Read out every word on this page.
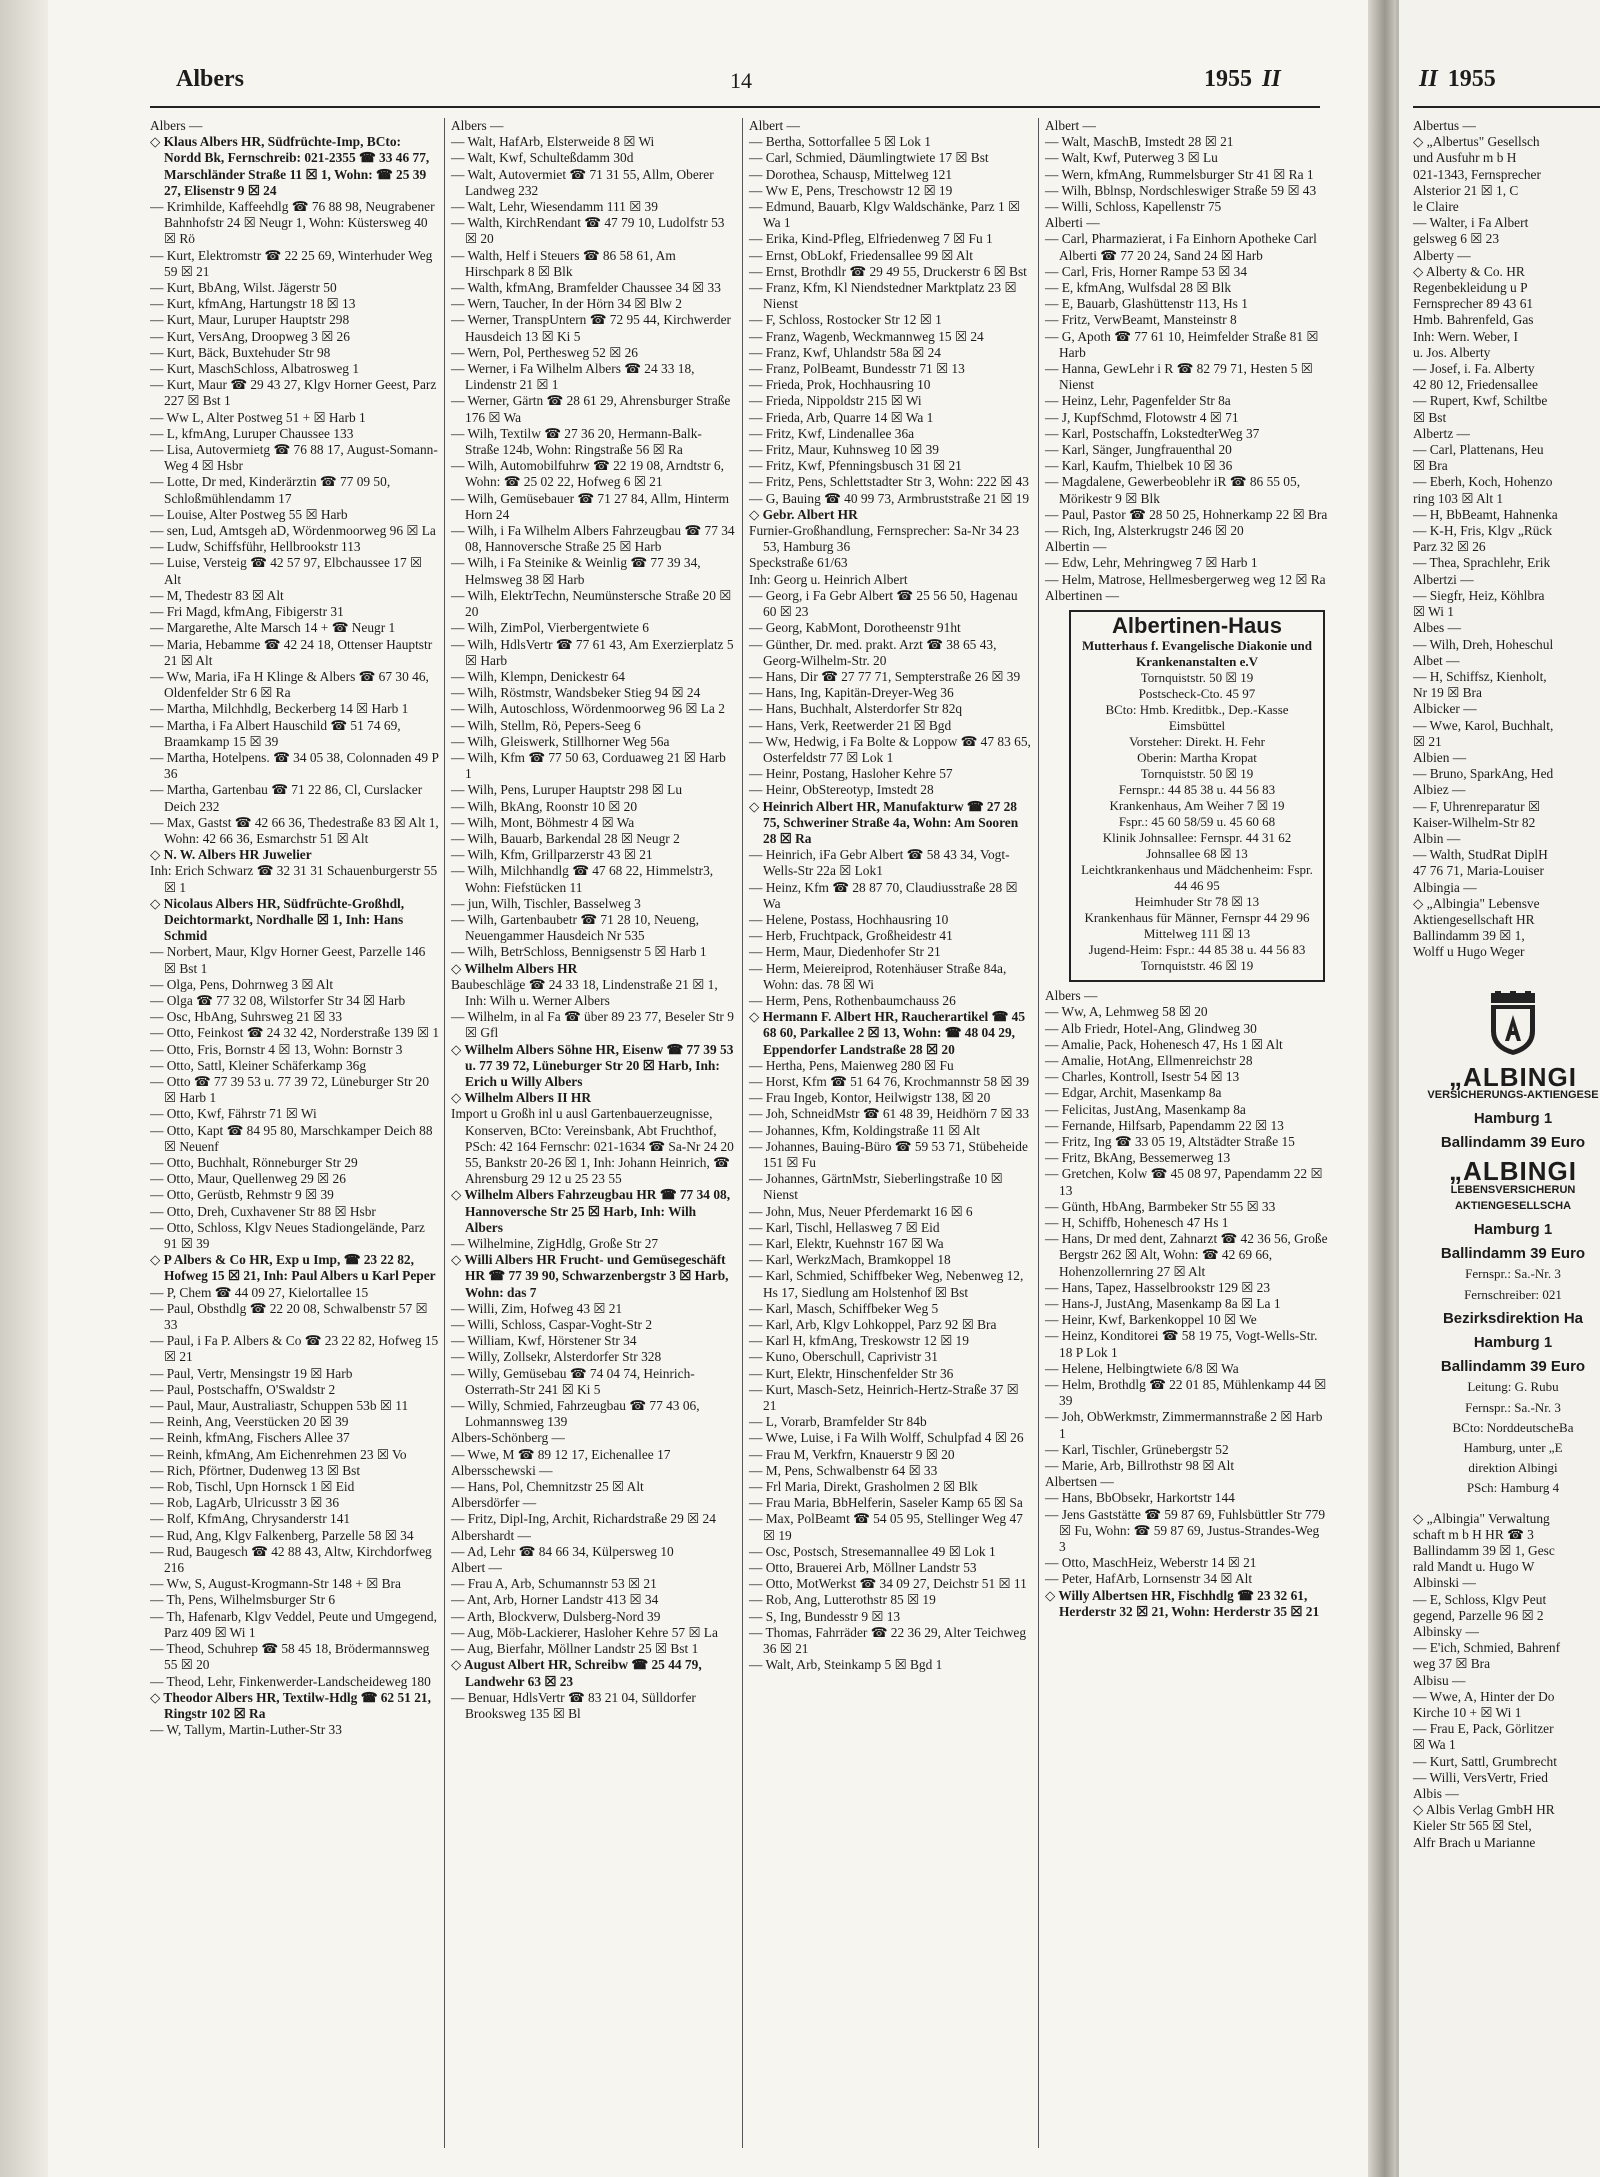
Albers	14	1955 II

Albers —

◇ Klaus Albers HR, Südfrüchte-Imp, BCto: Nordd Bk, Fernschreib: 021-2355 ☎ 33 46 77, Marschländer Straße 11 ☒ 1, Wohn: ☎ 25 39 27, Elisenstr 9 ☒ 24

— Krimhilde, Kaffeehdlg ☎ 76 88 98, Neugrabener Bahnhofstr 24 ☒ Neugr 1, Wohn: Küstersweg 40 ☒ Rö

— Kurt, Elektromstr ☎ 22 25 69, Winterhuder Weg 59 ☒ 21

— Kurt, BbAng, Wilst. Jägerstr 50

— Kurt, kfmAng, Hartungstr 18 ☒ 13

— Kurt, Maur, Luruper Hauptstr 298

— Kurt, VersAng, Droopweg 3 ☒ 26

— Kurt, Bäck, Buxtehuder Str 98

— Kurt, MaschSchloss, Albatrosweg 1

— Kurt, Maur ☎ 29 43 27, Klgv Horner Geest, Parz 227 ☒ Bst 1

— Ww L, Alter Postweg 51 + ☒ Harb 1

— L, kfmAng, Luruper Chaussee 133

— Lisa, Autovermietg ☎ 76 88 17, August-Somann-Weg 4 ☒ Hsbr

— Lotte, Dr med, Kinderärztin ☎ 77 09 50, Schloßmühlendamm 17

— Louise, Alter Postweg 55 ☒ Harb

— sen, Lud, Amtsgeh aD, Wördenmoorweg 96 ☒ La

— Ludw, Schiffsführ, Hellbrookstr 113

— Luise, Versteig ☎ 42 57 97, Elbchaussee 17 ☒ Alt

— M, Thedestr 83 ☒ Alt

— Fri Magd, kfmAng, Fibigerstr 31

— Margarethe, Alte Marsch 14 + ☎ Neugr 1

— Maria, Hebamme ☎ 42 24 18, Ottenser Hauptstr 21 ☒ Alt

— Ww, Maria, iFa H Klinge & Albers ☎ 67 30 46, Oldenfelder Str 6 ☒ Ra

— Martha, Milchhdlg, Beckerberg 14 ☒ Harb 1

— Martha, i Fa Albert Hauschild ☎ 51 74 69, Braamkamp 15 ☒ 39

— Martha, Hotelpens. ☎ 34 05 38, Colonnaden 49 P 36

— Martha, Gartenbau ☎ 71 22 86, Cl, Curslacker Deich 232

— Max, Gastst ☎ 42 66 36, Thedestraße 83 ☒ Alt 1, Wohn: 42 66 36, Esmarchstr 51 ☒ Alt

◇ N. W. Albers HR Juwelier

Inh: Erich Schwarz ☎ 32 31 31 Schauenburgerstr 55 ☒ 1

◇ Nicolaus Albers HR, Südfrüchte-Großhdl, Deichtormarkt, Nordhalle ☒ 1, Inh: Hans Schmid

— Norbert, Maur, Klgv Horner Geest, Parzelle 146 ☒ Bst 1

— Olga, Pens, Dohrnweg 3 ☒ Alt

— Olga ☎ 77 32 08, Wilstorfer Str 34 ☒ Harb

— Osc, HbAng, Suhrsweg 21 ☒ 33

— Otto, Feinkost ☎ 24 32 42, Norderstraße 139 ☒ 1

— Otto, Fris, Bornstr 4 ☒ 13, Wohn: Bornstr 3

— Otto, Sattl, Kleiner Schäferkamp 36g

— Otto ☎ 77 39 53 u. 77 39 72, Lüneburger Str 20 ☒ Harb 1

— Otto, Kwf, Fährstr 71 ☒ Wi

— Otto, Kapt ☎ 84 95 80, Marschkamper Deich 88 ☒ Neuenf

— Otto, Buchhalt, Rönneburger Str 29

— Otto, Maur, Quellenweg 29 ☒ 26

— Otto, Gerüstb, Rehmstr 9 ☒ 39

— Otto, Dreh, Cuxhavener Str 88 ☒ Hsbr

— Otto, Schloss, Klgv Neues Stadiongelände, Parz 91 ☒ 39

◇ P Albers & Co HR, Exp u Imp, ☎ 23 22 82, Hofweg 15 ☒ 21, Inh: Paul Albers u Karl Peper

— P, Chem ☎ 44 09 27, Kielortallee 15

— Paul, Obsthdlg ☎ 22 20 08, Schwalbenstr 57 ☒ 33

— Paul, i Fa P. Albers & Co ☎ 23 22 82, Hofweg 15 ☒ 21

— Paul, Vertr, Mensingstr 19 ☒ Harb

— Paul, Postschaffn, O'Swaldstr 2

— Paul, Maur, Australiastr, Schuppen 53b ☒ 11

— Reinh, Ang, Veerstücken 20 ☒ 39

— Reinh, kfmAng, Fischers Allee 37

— Reinh, kfmAng, Am Eichenrehmen 23 ☒ Vo

— Rich, Pförtner, Dudenweg 13 ☒ Bst

— Rob, Tischl, Upn Hornsck 1 ☒ Eid

— Rob, LagArb, Ulricusstr 3 ☒ 36

— Rolf, KfmAng, Chrysanderstr 141

— Rud, Ang, Klgv Falkenberg, Parzelle 58 ☒ 34

— Rud, Baugesch ☎ 42 88 43, Altw, Kirchdorfweg 216

— Ww, S, August-Krogmann-Str 148 + ☒ Bra

— Th, Pens, Wilhelmsburger Str 6

— Th, Hafenarb, Klgv Veddel, Peute und Umgegend, Parz 409 ☒ Wi 1

— Theod, Schuhrep ☎ 58 45 18, Brödermannsweg 55 ☒ 20

— Theod, Lehr, Finkenwerder-Landscheideweg 180

◇ Theodor Albers HR, Textilw-Hdlg ☎ 62 51 21, Ringstr 102 ☒ Ra

— W, Tallym, Martin-Luther-Str 33

Albers —

— Walt, HafArb, Elsterweide 8 ☒ Wi

— Walt, Kwf, Schulteßdamm 30d

— Walt, Autovermiet ☎ 71 31 55, Allm, Oberer Landweg 232

— Walt, Lehr, Wiesendamm 111 ☒ 39

— Walth, KirchRendant ☎ 47 79 10, Ludolfstr 53 ☒ 20

— Walth, Helf i Steuers ☎ 86 58 61, Am Hirschpark 8 ☒ Blk

— Walth, kfmAng, Bramfelder Chaussee 34 ☒ 33

— Wern, Taucher, In der Hörn 34 ☒ Blw 2

— Werner, TranspUntern ☎ 72 95 44, Kirchwerder Hausdeich 13 ☒ Ki 5

— Wern, Pol, Perthesweg 52 ☒ 26

— Werner, i Fa Wilhelm Albers ☎ 24 33 18, Lindenstr 21 ☒ 1

— Werner, Gärtn ☎ 28 61 29, Ahrensburger Straße 176 ☒ Wa

— Wilh, Textilw ☎ 27 36 20, Hermann-Balk-Straße 124b, Wohn: Ringstraße 56 ☒ Ra

— Wilh, Automobilfuhrw ☎ 22 19 08, Arndtstr 6, Wohn: ☎ 25 02 22, Hofweg 6 ☒ 21

— Wilh, Gemüsebauer ☎ 71 27 84, Allm, Hinterm Horn 24

— Wilh, i Fa Wilhelm Albers Fahrzeugbau ☎ 77 34 08, Hannoversche Straße 25 ☒ Harb

— Wilh, i Fa Steinike & Weinlig ☎ 77 39 34, Helmsweg 38 ☒ Harb

— Wilh, ElektrTechn, Neumünstersche Straße 20 ☒ 20

— Wilh, ZimPol, Vierbergentwiete 6

— Wilh, HdlsVertr ☎ 77 61 43, Am Exerzierplatz 5 ☒ Harb

— Wilh, Klempn, Denickestr 64

— Wilh, Röstmstr, Wandsbeker Stieg 94 ☒ 24

— Wilh, Autoschloss, Wördenmoorweg 96 ☒ La 2

— Wilh, Stellm, Rö, Pepers-Seeg 6

— Wilh, Gleiswerk, Stillhorner Weg 56a

— Wilh, Kfm ☎ 77 50 63, Corduaweg 21 ☒ Harb 1

— Wilh, Pens, Luruper Hauptstr 298 ☒ Lu

— Wilh, BkAng, Roonstr 10 ☒ 20

— Wilh, Mont, Böhmestr 4 ☒ Wa

— Wilh, Bauarb, Barkendal 28 ☒ Neugr 2

— Wilh, Kfm, Grillparzerstr 43 ☒ 21

— Wilh, Milchhandlg ☎ 47 68 22, Himmelstr3, Wohn: Fiefstücken 11

— jun, Wilh, Tischler, Basselweg 3

— Wilh, Gartenbaubetr ☎ 71 28 10, Neueng, Neuengammer Hausdeich Nr 535

— Wilh, BetrSchloss, Bennigsenstr 5 ☒ Harb 1

◇ Wilhelm Albers HR

Baubeschläge ☎ 24 33 18, Lindenstraße 21 ☒ 1, Inh: Wilh u. Werner Albers

— Wilhelm, in al Fa ☎ über 89 23 77, Beseler Str 9 ☒ Gfl

◇ Wilhelm Albers Söhne HR, Eisenw ☎ 77 39 53 u. 77 39 72, Lüneburger Str 20 ☒ Harb, Inh: Erich u Willy Albers

◇ Wilhelm Albers II HR

Import u Großh inl u ausl Gartenbauerzeugnisse, Konserven, BCto: Vereinsbank, Abt Fruchthof, PSch: 42 164 Fernschr: 021-1634 ☎ Sa-Nr 24 20 55, Bankstr 20-26 ☒ 1, Inh: Johann Heinrich, ☎ Ahrensburg 29 12 u 25 23 55

◇ Wilhelm Albers Fahrzeugbau HR ☎ 77 34 08, Hannoversche Str 25 ☒ Harb, Inh: Wilh Albers

— Wilhelmine, ZigHdlg, Große Str 27

◇ Willi Albers HR Frucht- und Gemüsegeschäft HR ☎ 77 39 90, Schwarzenbergstr 3 ☒ Harb, Wohn: das 7

— Willi, Zim, Hofweg 43 ☒ 21

— Willi, Schloss, Caspar-Voght-Str 2

— William, Kwf, Hörstener Str 34

— Willy, Zollsekr, Alsterdorfer Str 328

— Willy, Gemüsebau ☎ 74 04 74, Heinrich-Osterrath-Str 241 ☒ Ki 5

— Willy, Schmied, Fahrzeugbau ☎ 77 43 06, Lohmannsweg 139

Albers-Schönberg —

— Wwe, M ☎ 89 12 17, Eichenallee 17

Albersschewski —

— Hans, Pol, Chemnitzstr 25 ☒ Alt

Albersdörfer —

— Fritz, Dipl-Ing, Archit, Richardstraße 29 ☒ 24

Albershardt —

— Ad, Lehr ☎ 84 66 34, Külpersweg 10

Albert —

— Frau A, Arb, Schumannstr 53 ☒ 21

— Ant, Arb, Horner Landstr 413 ☒ 34

— Arth, Blockverw, Dulsberg-Nord 39

— Aug, Möb-Lackierer, Hasloher Kehre 57 ☒ La

— Aug, Bierfahr, Möllner Landstr 25 ☒ Bst 1

◇ August Albert HR, Schreibw ☎ 25 44 79, Landwehr 63 ☒ 23

— Benuar, HdlsVertr ☎ 83 21 04, Sülldorfer Brooksweg 135 ☒ Bl

Albert —

— Bertha, Sottorfallee 5 ☒ Lok 1

— Carl, Schmied, Däumlingtwiete 17 ☒ Bst

— Dorothea, Schausp, Mittelweg 121

— Ww E, Pens, Treschowstr 12 ☒ 19

— Edmund, Bauarb, Klgv Waldschänke, Parz 1 ☒ Wa 1

— Erika, Kind-Pfleg, Elfriedenweg 7 ☒ Fu 1

— Ernst, ObLokf, Friedensallee 99 ☒ Alt

— Ernst, Brothdlr ☎ 29 49 55, Druckerstr 6 ☒ Bst

— Franz, Kfm, Kl Niendstedner Marktplatz 23 ☒ Nienst

— F, Schloss, Rostocker Str 12 ☒ 1

— Franz, Wagenb, Weckmannweg 15 ☒ 24

— Franz, Kwf, Uhlandstr 58a ☒ 24

— Franz, PolBeamt, Bundesstr 71 ☒ 13

— Frieda, Prok, Hochhausring 10

— Frieda, Nippoldstr 215 ☒ Wi

— Frieda, Arb, Quarre 14 ☒ Wa 1

— Fritz, Kwf, Lindenallee 36a

— Fritz, Maur, Kuhnsweg 10 ☒ 39

— Fritz, Kwf, Pfenningsbusch 31 ☒ 21

— Fritz, Pens, Schlettstadter Str 3, Wohn: 222 ☒ 43

— G, Bauing ☎ 40 99 73, Armbruststraße 21 ☒ 19

◇ Gebr. Albert HR

Furnier-Großhandlung, Fernsprecher: Sa-Nr 34 23 53, Hamburg 36

Speckstraße 61/63

Inh: Georg u. Heinrich Albert

— Georg, i Fa Gebr Albert ☎ 25 56 50, Hagenau 60 ☒ 23

— Georg, KabMont, Dorotheenstr 91ht

— Günther, Dr. med. prakt. Arzt ☎ 38 65 43, Georg-Wilhelm-Str. 20

— Hans, Dir ☎ 27 77 71, Sempterstraße 26 ☒ 39

— Hans, Ing, Kapitän-Dreyer-Weg 36

— Hans, Buchhalt, Alsterdorfer Str 82q

— Hans, Verk, Reetwerder 21 ☒ Bgd

— Ww, Hedwig, i Fa Bolte & Loppow ☎ 47 83 65, Osterfeldstr 77 ☒ Lok 1

— Heinr, Postang, Hasloher Kehre 57

— Heinr, ObStereotyp, Imstedt 28

◇ Heinrich Albert HR, Manufakturw ☎ 27 28 75, Schweriner Straße 4a, Wohn: Am Sooren 28 ☒ Ra

— Heinrich, iFa Gebr Albert ☎ 58 43 34, Vogt-Wells-Str 22a ☒ Lok1

— Heinz, Kfm ☎ 28 87 70, Claudiusstraße 28 ☒ Wa

— Helene, Postass, Hochhausring 10

— Herb, Fruchtpack, Großheidestr 41

— Herm, Maur, Diedenhofer Str 21

— Herm, Meiereiprod, Rotenhäuser Straße 84a, Wohn: das. 78 ☒ Wi

— Herm, Pens, Rothenbaumchauss 26

◇ Hermann F. Albert HR, Raucherartikel ☎ 45 68 60, Parkallee 2 ☒ 13, Wohn: ☎ 48 04 29, Eppendorfer Landstraße 28 ☒ 20

— Hertha, Pens, Maienweg 280 ☒ Fu

— Horst, Kfm ☎ 51 64 76, Krochmannstr 58 ☒ 39

— Frau Ingeb, Kontor, Heilwigstr 138, ☒ 20

— Joh, SchneidMstr ☎ 61 48 39, Heidhörn 7 ☒ 33

— Johannes, Kfm, Koldingstraße 11 ☒ Alt

— Johannes, Bauing-Büro ☎ 59 53 71, Stübeheide 151 ☒ Fu

— Johannes, GärtnMstr, Sieberlingstraße 10 ☒ Nienst

— John, Mus, Neuer Pferdemarkt 16 ☒ 6

— Karl, Tischl, Hellasweg 7 ☒ Eid

— Karl, Elektr, Kuehnstr 167 ☒ Wa

— Karl, WerkzMach, Bramkoppel 18

— Karl, Schmied, Schiffbeker Weg, Nebenweg 12, Hs 17, Siedlung am Holstenhof ☒ Bst

— Karl, Masch, Schiffbeker Weg 5

— Karl, Arb, Klgv Lohkoppel, Parz 92 ☒ Bra

— Karl H, kfmAng, Treskowstr 12 ☒ 19

— Kuno, Oberschull, Caprivistr 31

— Kurt, Elektr, Hinschenfelder Str 36

— Kurt, Masch-Setz, Heinrich-Hertz-Straße 37 ☒ 21

— L, Vorarb, Bramfelder Str 84b

— Wwe, Luise, i Fa Wilh Wolff, Schulpfad 4 ☒ 26

— Frau M, Verkfrn, Knauerstr 9 ☒ 20

— M, Pens, Schwalbenstr 64 ☒ 33

— Frl Maria, Direkt, Grasholmen 2 ☒ Blk

— Frau Maria, BbHelferin, Saseler Kamp 65 ☒ Sa

— Max, PolBeamt ☎ 54 05 95, Stellinger Weg 47 ☒ 19

— Osc, Postsch, Stresemannallee 49 ☒ Lok 1

— Otto, Brauerei Arb, Möllner Landstr 53

— Otto, MotWerkst ☎ 34 09 27, Deichstr 51 ☒ 11

— Rob, Ang, Lutterothstr 85 ☒ 19

— S, Ing, Bundesstr 9 ☒ 13

— Thomas, Fahrräder ☎ 22 36 29, Alter Teichweg 36 ☒ 21

— Walt, Arb, Steinkamp 5 ☒ Bgd 1

Albert —

— Walt, MaschB, Imstedt 28 ☒ 21

— Walt, Kwf, Puterweg 3 ☒ Lu

— Wern, kfmAng, Rummelsburger Str 41 ☒ Ra 1

— Wilh, Bblnsp, Nordschleswiger Straße 59 ☒ 43

— Willi, Schloss, Kapellenstr 75

Alberti —

— Carl, Pharmazierat, i Fa Einhorn Apotheke Carl Alberti ☎ 77 20 24, Sand 24 ☒ Harb

— Carl, Fris, Horner Rampe 53 ☒ 34

— E, kfmAng, Wulfsdal 28 ☒ Blk

— E, Bauarb, Glashüttenstr 113, Hs 1

— Fritz, VerwBeamt, Mansteinstr 8

— G, Apoth ☎ 77 61 10, Heimfelder Straße 81 ☒ Harb

— Hanna, GewLehr i R ☎ 82 79 71, Hesten 5 ☒ Nienst

— Heinz, Lehr, Pagenfelder Str 8a

— J, KupfSchmd, Flotowstr 4 ☒ 71

— Karl, Postschaffn, LokstedterWeg 37

— Karl, Sänger, Jungfrauenthal 20

— Karl, Kaufm, Thielbek 10 ☒ 36

— Magdalene, Gewerbeoblehr iR ☎ 86 55 05, Mörikestr 9 ☒ Blk

— Paul, Pastor ☎ 28 50 25, Hohnerkamp 22 ☒ Bra

— Rich, Ing, Alsterkrugstr 246 ☒ 20

Albertin —

— Edw, Lehr, Mehringweg 7 ☒ Harb 1

— Helm, Matrose, Hellmesbergerweg weg 12 ☒ Ra

Albertinen —

Albertinen-Haus
Mutterhaus f. Evangelische Diakonie und Krankenanstalten e.V
Tornquiststr. 50 ☒ 19
Postscheck-Cto. 45 97
BCto: Hmb. Kreditbk., Dep.-Kasse Eimsbüttel
Vorsteher: Direkt. H. Fehr
Oberin: Martha Kropat
Tornquiststr. 50 ☒ 19
Fernspr.: 44 85 38 u. 44 56 83
Krankenhaus, Am Weiher 7 ☒ 19
Fspr.: 45 60 58/59 u. 45 60 68
Klinik Johnsallee: Fernspr. 44 31 62
Johnsallee 68 ☒ 13
Leichtkrankenhaus und Mädchenheim: Fspr. 44 46 95
Heimhuder Str 78 ☒ 13
Krankenhaus für Männer, Fernspr 44 29 96
Mittelweg 111 ☒ 13
Jugend-Heim: Fspr.: 44 85 38 u. 44 56 83
Tornquiststr. 46 ☒ 19

Albers —

— Ww, A, Lehmweg 58 ☒ 20

— Alb Friedr, Hotel-Ang, Glindweg 30

— Amalie, Pack, Hohenesch 47, Hs 1 ☒ Alt

— Amalie, HotAng, Ellmenreichstr 28

— Charles, Kontroll, Isestr 54 ☒ 13

— Edgar, Archit, Masenkamp 8a

— Felicitas, JustAng, Masenkamp 8a

— Fernande, Hilfsarb, Papendamm 22 ☒ 13

— Fritz, Ing ☎ 33 05 19, Altstädter Straße 15

— Fritz, BkAng, Bessemerweg 13

— Gretchen, Kolw ☎ 45 08 97, Papendamm 22 ☒ 13

— Günth, HbAng, Barmbeker Str 55 ☒ 33

— H, Schiffb, Hohenesch 47 Hs 1

— Hans, Dr med dent, Zahnarzt ☎ 42 36 56, Große Bergstr 262 ☒ Alt, Wohn: ☎ 42 69 66, Hohenzollernring 27 ☒ Alt

— Hans, Tapez, Hasselbrookstr 129 ☒ 23

— Hans-J, JustAng, Masenkamp 8a ☒ La 1

— Heinr, Kwf, Barkenkoppel 10 ☒ We

— Heinz, Konditorei ☎ 58 19 75, Vogt-Wells-Str. 18 P Lok 1

— Helene, Helbingtwiete 6/8 ☒ Wa

— Helm, Brothdlg ☎ 22 01 85, Mühlenkamp 44 ☒ 39

— Joh, ObWerkmstr, Zimmermannstraße 2 ☒ Harb 1

— Karl, Tischler, Grünebergstr 52

— Marie, Arb, Billrothstr 98 ☒ Alt

Albertsen —

— Hans, BbObsekr, Harkortstr 144

— Jens Gaststätte ☎ 59 87 69, Fuhlsbüttler Str 779 ☒ Fu, Wohn: ☎ 59 87 69, Justus-Strandes-Weg 3

— Otto, MaschHeiz, Weberstr 14 ☒ 21

— Peter, HafArb, Lornsenstr 34 ☒ Alt

◇ Willy Albertsen HR, Fischhdlg ☎ 23 32 61, Herderstr 32 ☒ 21, Wohn: Herderstr 35 ☒ 21

II 1955

Albertus —

◇ „Albertus" Gesellsch

und Ausfuhr m b H

021-1343, Fernsprecher

Alsterior 21 ☒ 1, C

le Claire

— Walter, i Fa Albert

gelsweg 6 ☒ 23

Alberty —

◇ Alberty & Co. HR

Regenbekleidung u P

Fernsprecher 89 43 61

Hmb. Bahrenfeld, Gas

Inh: Wern. Weber, I

u. Jos. Alberty

— Josef, i. Fa. Alberty

42 80 12, Friedensallee

— Rupert, Kwf, Schiltbe

☒ Bst

Albertz —

— Carl, Plattenans, Heu

☒ Bra

— Eberh, Koch, Hohenzo

ring 103 ☒ Alt 1

— H, BbBeamt, Hahnenka

— K-H, Fris, Klgv „Rück

Parz 32 ☒ 26

— Thea, Sprachlehr, Erik

Albertzi —

— Siegfr, Heiz, Köhlbra

☒ Wi 1

Albes —

— Wilh, Dreh, Hoheschul

Albet —

— H, Schiffsz, Kienholt,

Nr 19 ☒ Bra

Albicker —

— Wwe, Karol, Buchhalt,

☒ 21

Albien —

— Bruno, SparkAng, Hed

Albiez —

— F, Uhrenreparatur ☒

Kaiser-Wilhelm-Str 82

Albin —

— Walth, StudRat DiplH

47 76 71, Maria-Louiser

Albingia —

◇ „Albingia" Lebensve

Aktiengesellschaft HR

Ballindamm 39 ☒ 1,

Wolff u Hugo Weger

„ALBINGI
VERSICHERUNGS-AKTIENGESE
Hamburg 1
Ballindamm 39 Euro
„ALBINGI
LEBENSVERSICHERUN AKTIENGESELLSCHA
Hamburg 1
Ballindamm 39 Euro
Fernspr.: Sa.-Nr. 3
Fernschreiber: 021
Bezirksdirektion Ha
Hamburg 1
Ballindamm 39 Euro
Leitung: G. Rubu
Fernspr.: Sa.-Nr. 3
BCto: NorddeutscheBa
Hamburg, unter „E
direktion Albingi
PSch: Hamburg 4

◇ „Albingia" Verwaltung

schaft m b H HR ☎ 3

Ballindamm 39 ☒ 1, Gesc

rald Mandt u. Hugo W

Albinski —

— E, Schloss, Klgv Peut

gegend, Parzelle 96 ☒ 2

Albinsky —

— E'ich, Schmied, Bahrenf

weg 37 ☒ Bra

Albisu —

— Wwe, A, Hinter der Do

Kirche 10 + ☒ Wi 1

— Frau E, Pack, Görlitzer

☒ Wa 1

— Kurt, Sattl, Grumbrecht

— Willi, VersVertr, Fried

Albis —

◇ Albis Verlag GmbH HR

Kieler Str 565 ☒ Stel,

Alfr Brach u Marianne
